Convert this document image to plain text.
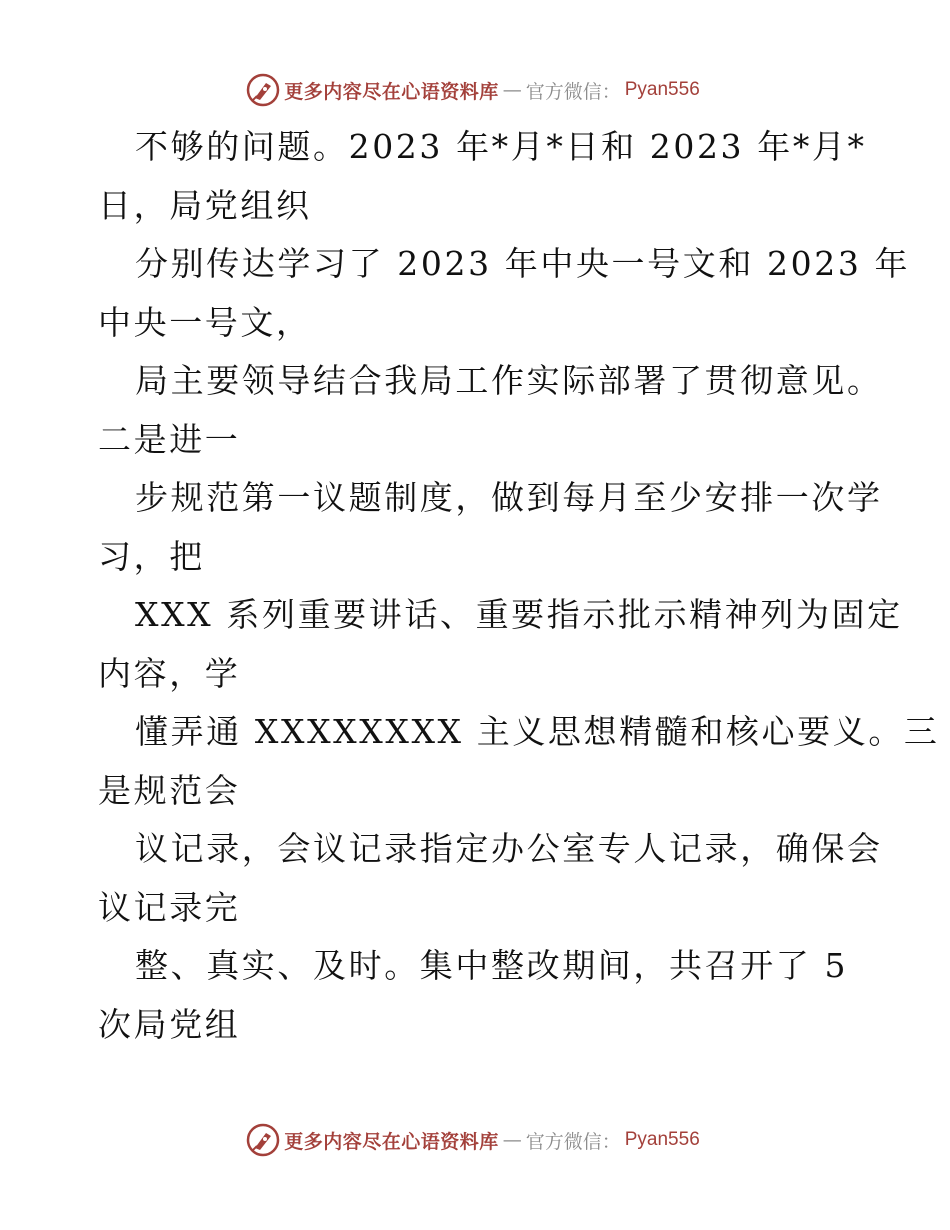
更多内容尽在心语资料库 — 官方微信： Pyan556
不够的问题。2023 年*月*日和 2023 年*月*
日，局党组织
分别传达学习了 2023 年中央一号文和 2023 年
中央一号文，
局主要领导结合我局工作实际部署了贯彻意见。
二是进一
步规范第一议题制度，做到每月至少安排一次学
习，把
XXX 系列重要讲话、重要指示批示精神列为固定
内容，学
懂弄通 XXXXXXXX 主义思想精髓和核心要义。三
是规范会
议记录，会议记录指定办公室专人记录，确保会
议记录完
整、真实、及时。集中整改期间，共召开了 5
次局党组
更多内容尽在心语资料库 — 官方微信： Pyan556
